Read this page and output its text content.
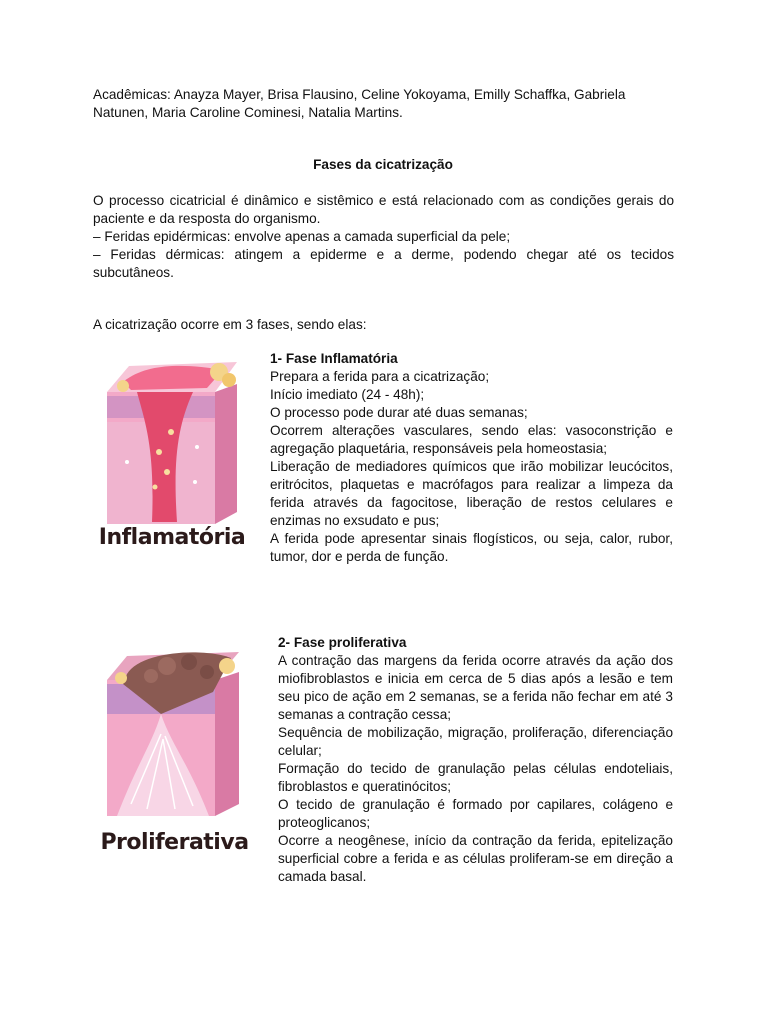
Acadêmicas: Anayza Mayer, Brisa Flausino, Celine Yokoyama, Emilly Schaffka, Gabriela Natunen, Maria Caroline Cominesi, Natalia Martins.
Fases da cicatrização

O processo cicatricial é dinâmico e sistêmico e está relacionado com as condições gerais do paciente e da resposta do organismo.

– Feridas epidérmicas: envolve apenas a camada superficial da pele;

– Feridas dérmicas: atingem a epiderme e a derme, podendo chegar até os tecidos subcutâneos.

A cicatrização ocorre em 3 fases, sendo elas:
Inflamatória

1- Fase Inflamatória

Prepara a ferida para a cicatrização;

Início imediato (24 - 48h);

O processo pode durar até duas semanas;

Ocorrem alterações vasculares, sendo elas: vasoconstrição e agregação plaquetária, responsáveis pela homeostasia;

Liberação de mediadores químicos que irão mobilizar leucócitos, eritrócitos, plaquetas e macrófagos para realizar a limpeza da ferida através da fagocitose, liberação de restos celulares e enzimas no exsudato e pus;

A ferida pode apresentar sinais flogísticos, ou seja, calor, rubor, tumor, dor e perda de função.

Proliferativa

2- Fase proliferativa

A contração das margens da ferida ocorre através da ação dos miofibroblastos e inicia em cerca de 5 dias após a lesão e tem seu pico de ação em 2 semanas, se a ferida não fechar em até 3 semanas a contração cessa;

Sequência de mobilização, migração, proliferação, diferenciação celular;

Formação do tecido de granulação pelas células endoteliais, fibroblastos e queratinócitos;

O tecido de granulação é formado por capilares, colágeno e proteoglicanos;

Ocorre a neogênese, início da contração da ferida, epitelização superficial cobre a ferida e as células proliferam-se em direção a camada basal.
